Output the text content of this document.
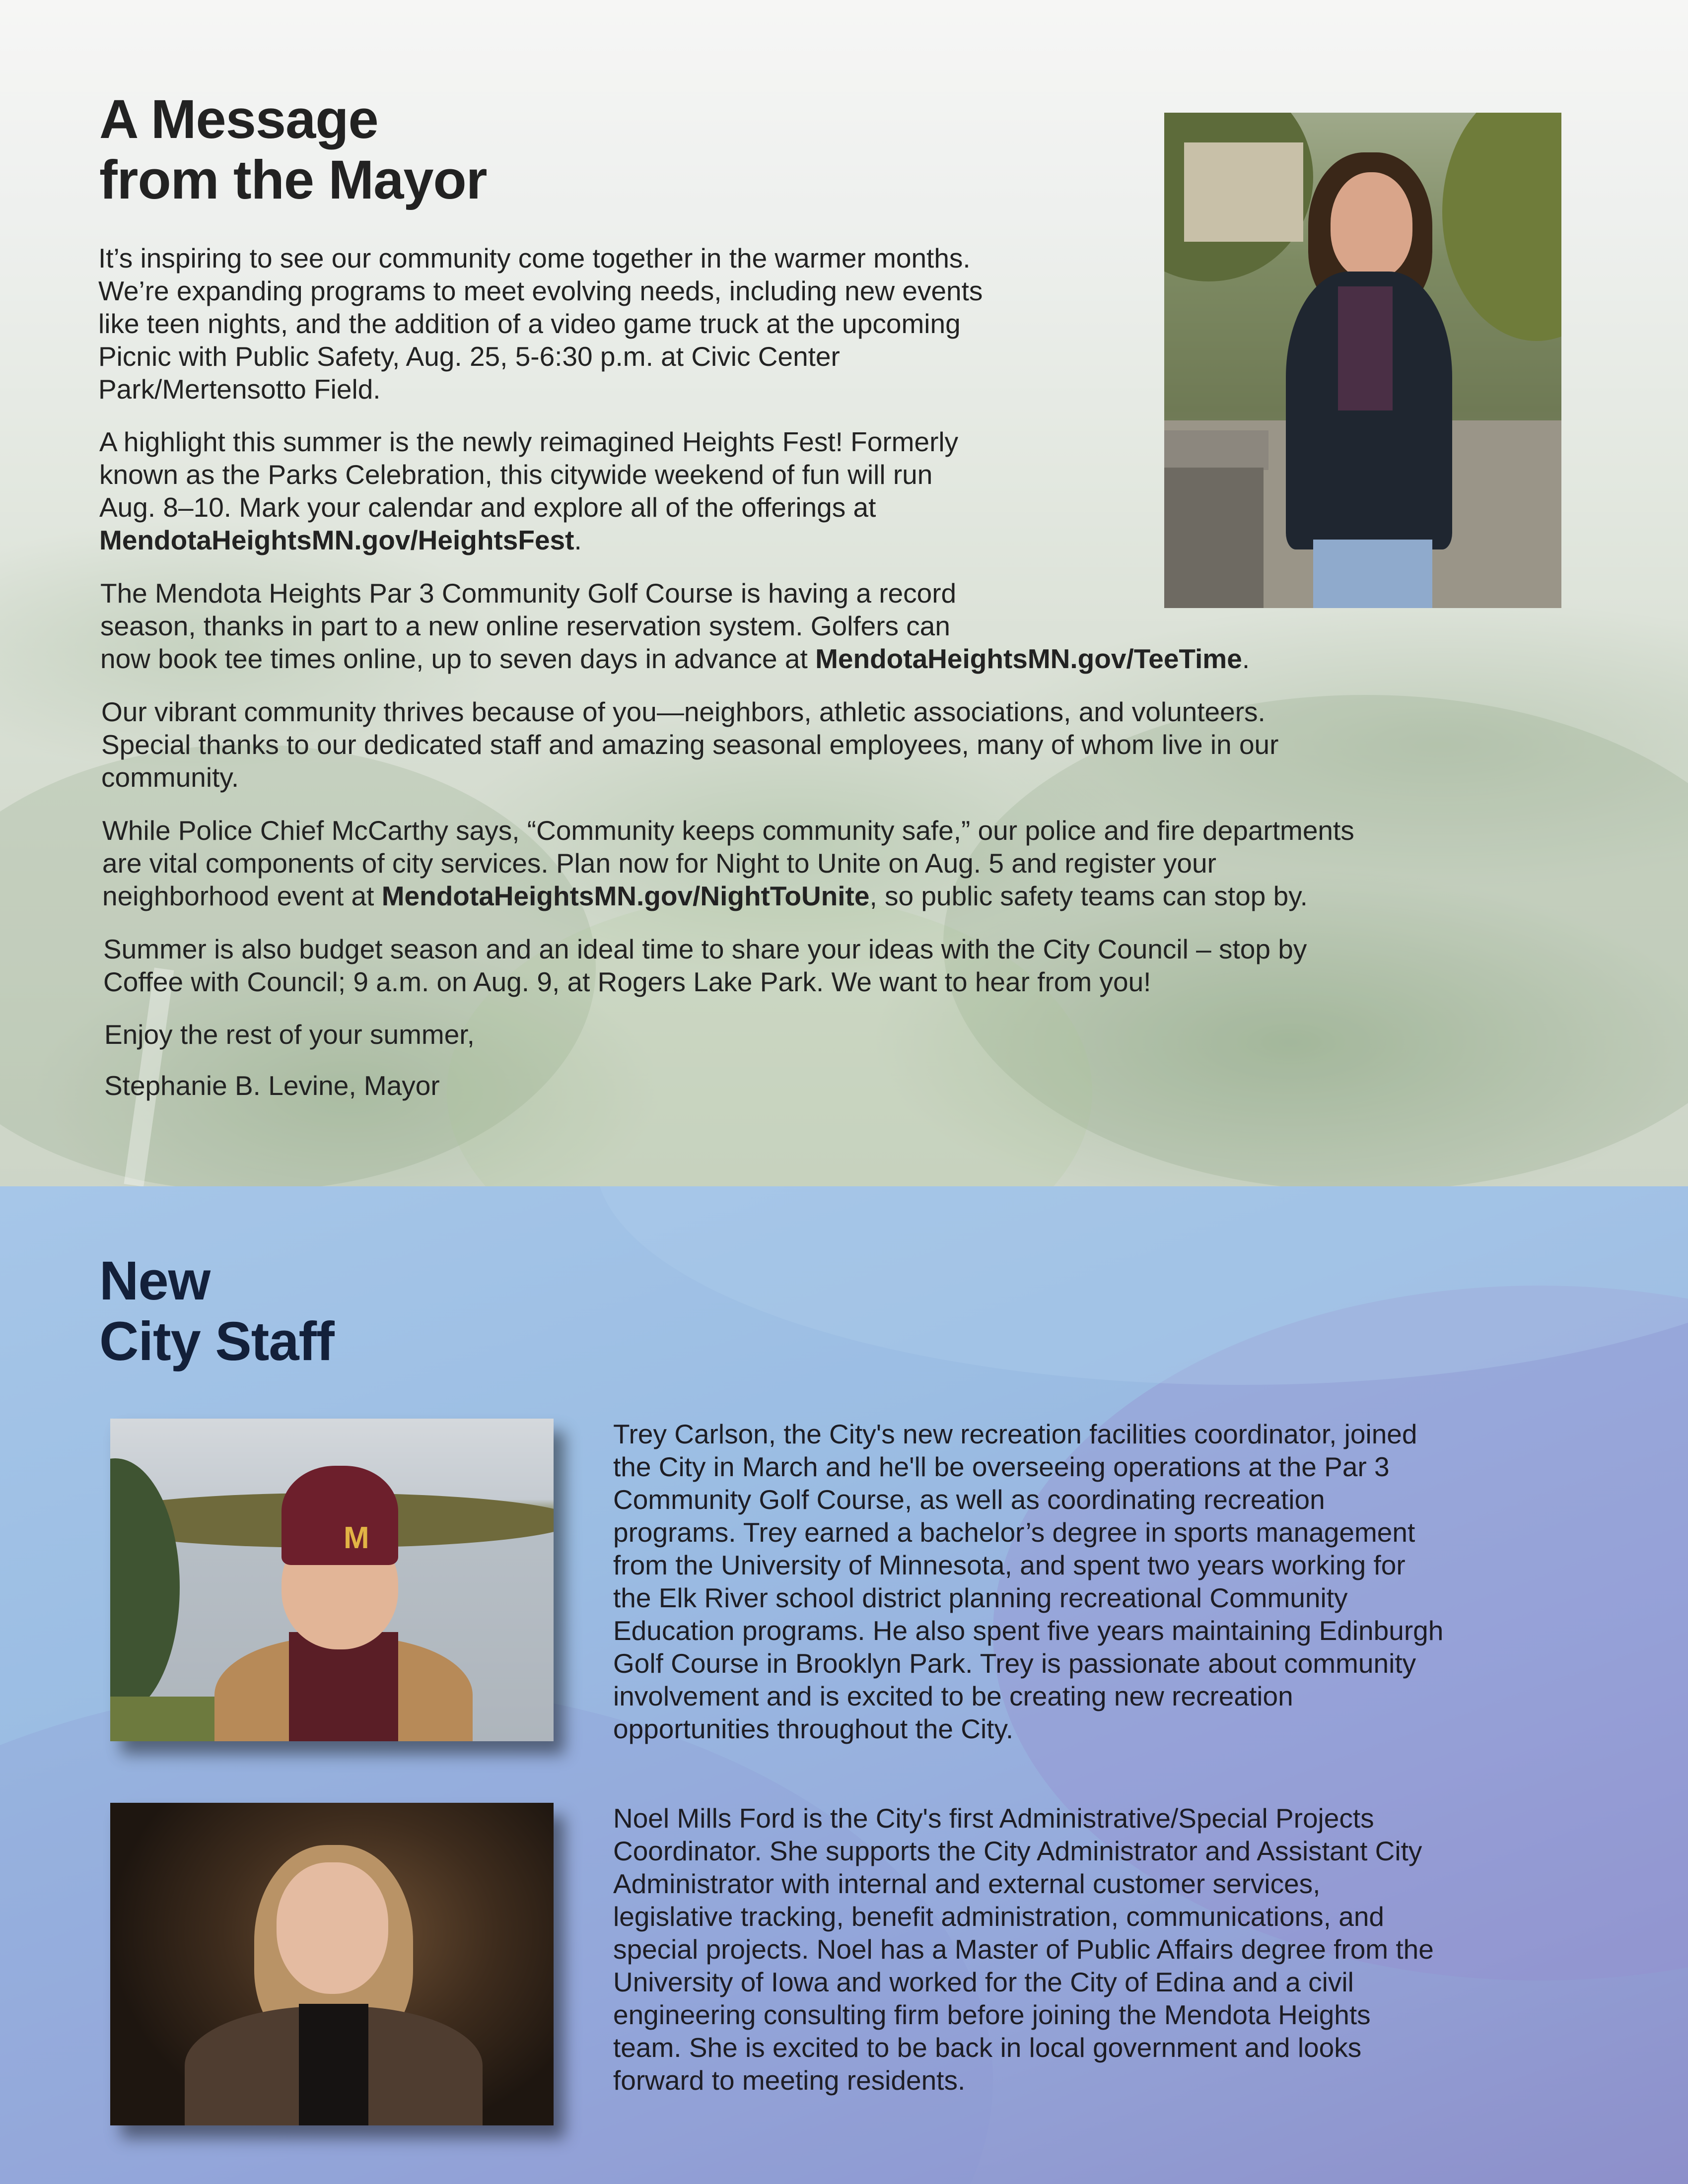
A Message
from the Mayor
It’s inspiring to see our community come together in the warmer months.
We’re expanding programs to meet evolving needs, including new events
like teen nights, and the addition of a video game truck at the upcoming
Picnic with Public Safety, Aug. 25, 5-6:30 p.m. at Civic Center
Park/Mertensotto Field.
A highlight this summer is the newly reimagined Heights Fest! Formerly
known as the Parks Celebration, this citywide weekend of fun will run
Aug. 8–10. Mark your calendar and explore all of the offerings at
MendotaHeightsMN.gov/HeightsFest.
The Mendota Heights Par 3 Community Golf Course is having a record
season, thanks in part to a new online reservation system. Golfers can
now book tee times online, up to seven days in advance at MendotaHeightsMN.gov/TeeTime.
Our vibrant community thrives because of you—neighbors, athletic associations, and volunteers.
Special thanks to our dedicated staff and amazing seasonal employees, many of whom live in our
community.
While Police Chief McCarthy says, “Community keeps community safe,” our police and fire departments
are vital components of city services. Plan now for Night to Unite on Aug. 5 and register your
neighborhood event at MendotaHeightsMN.gov/NightToUnite, so public safety teams can stop by.
Summer is also budget season and an ideal time to share your ideas with the City Council – stop by
Coffee with Council; 9 a.m. on Aug. 9, at Rogers Lake Park. We want to hear from you!
Enjoy the rest of your summer,
Stephanie B. Levine, Mayor
New
City Staff
M
Trey Carlson, the City's new recreation facilities coordinator, joined
the City in March and he'll be overseeing operations at the Par 3
Community Golf Course, as well as coordinating recreation
programs. Trey earned a bachelor’s degree in sports management
from the University of Minnesota, and spent two years working for
the Elk River school district planning recreational Community
Education programs. He also spent five years maintaining Edinburgh
Golf Course in Brooklyn Park. Trey is passionate about community
involvement and is excited to be creating new recreation
opportunities throughout the City.
Noel Mills Ford is the City's first Administrative/Special Projects
Coordinator. She supports the City Administrator and Assistant City
Administrator with internal and external customer services,
legislative tracking, benefit administration, communications, and
special projects. Noel has a Master of Public Affairs degree from the
University of Iowa and worked for the City of Edina and a civil
engineering consulting firm before joining the Mendota Heights
team. She is excited to be back in local government and looks
forward to meeting residents.
